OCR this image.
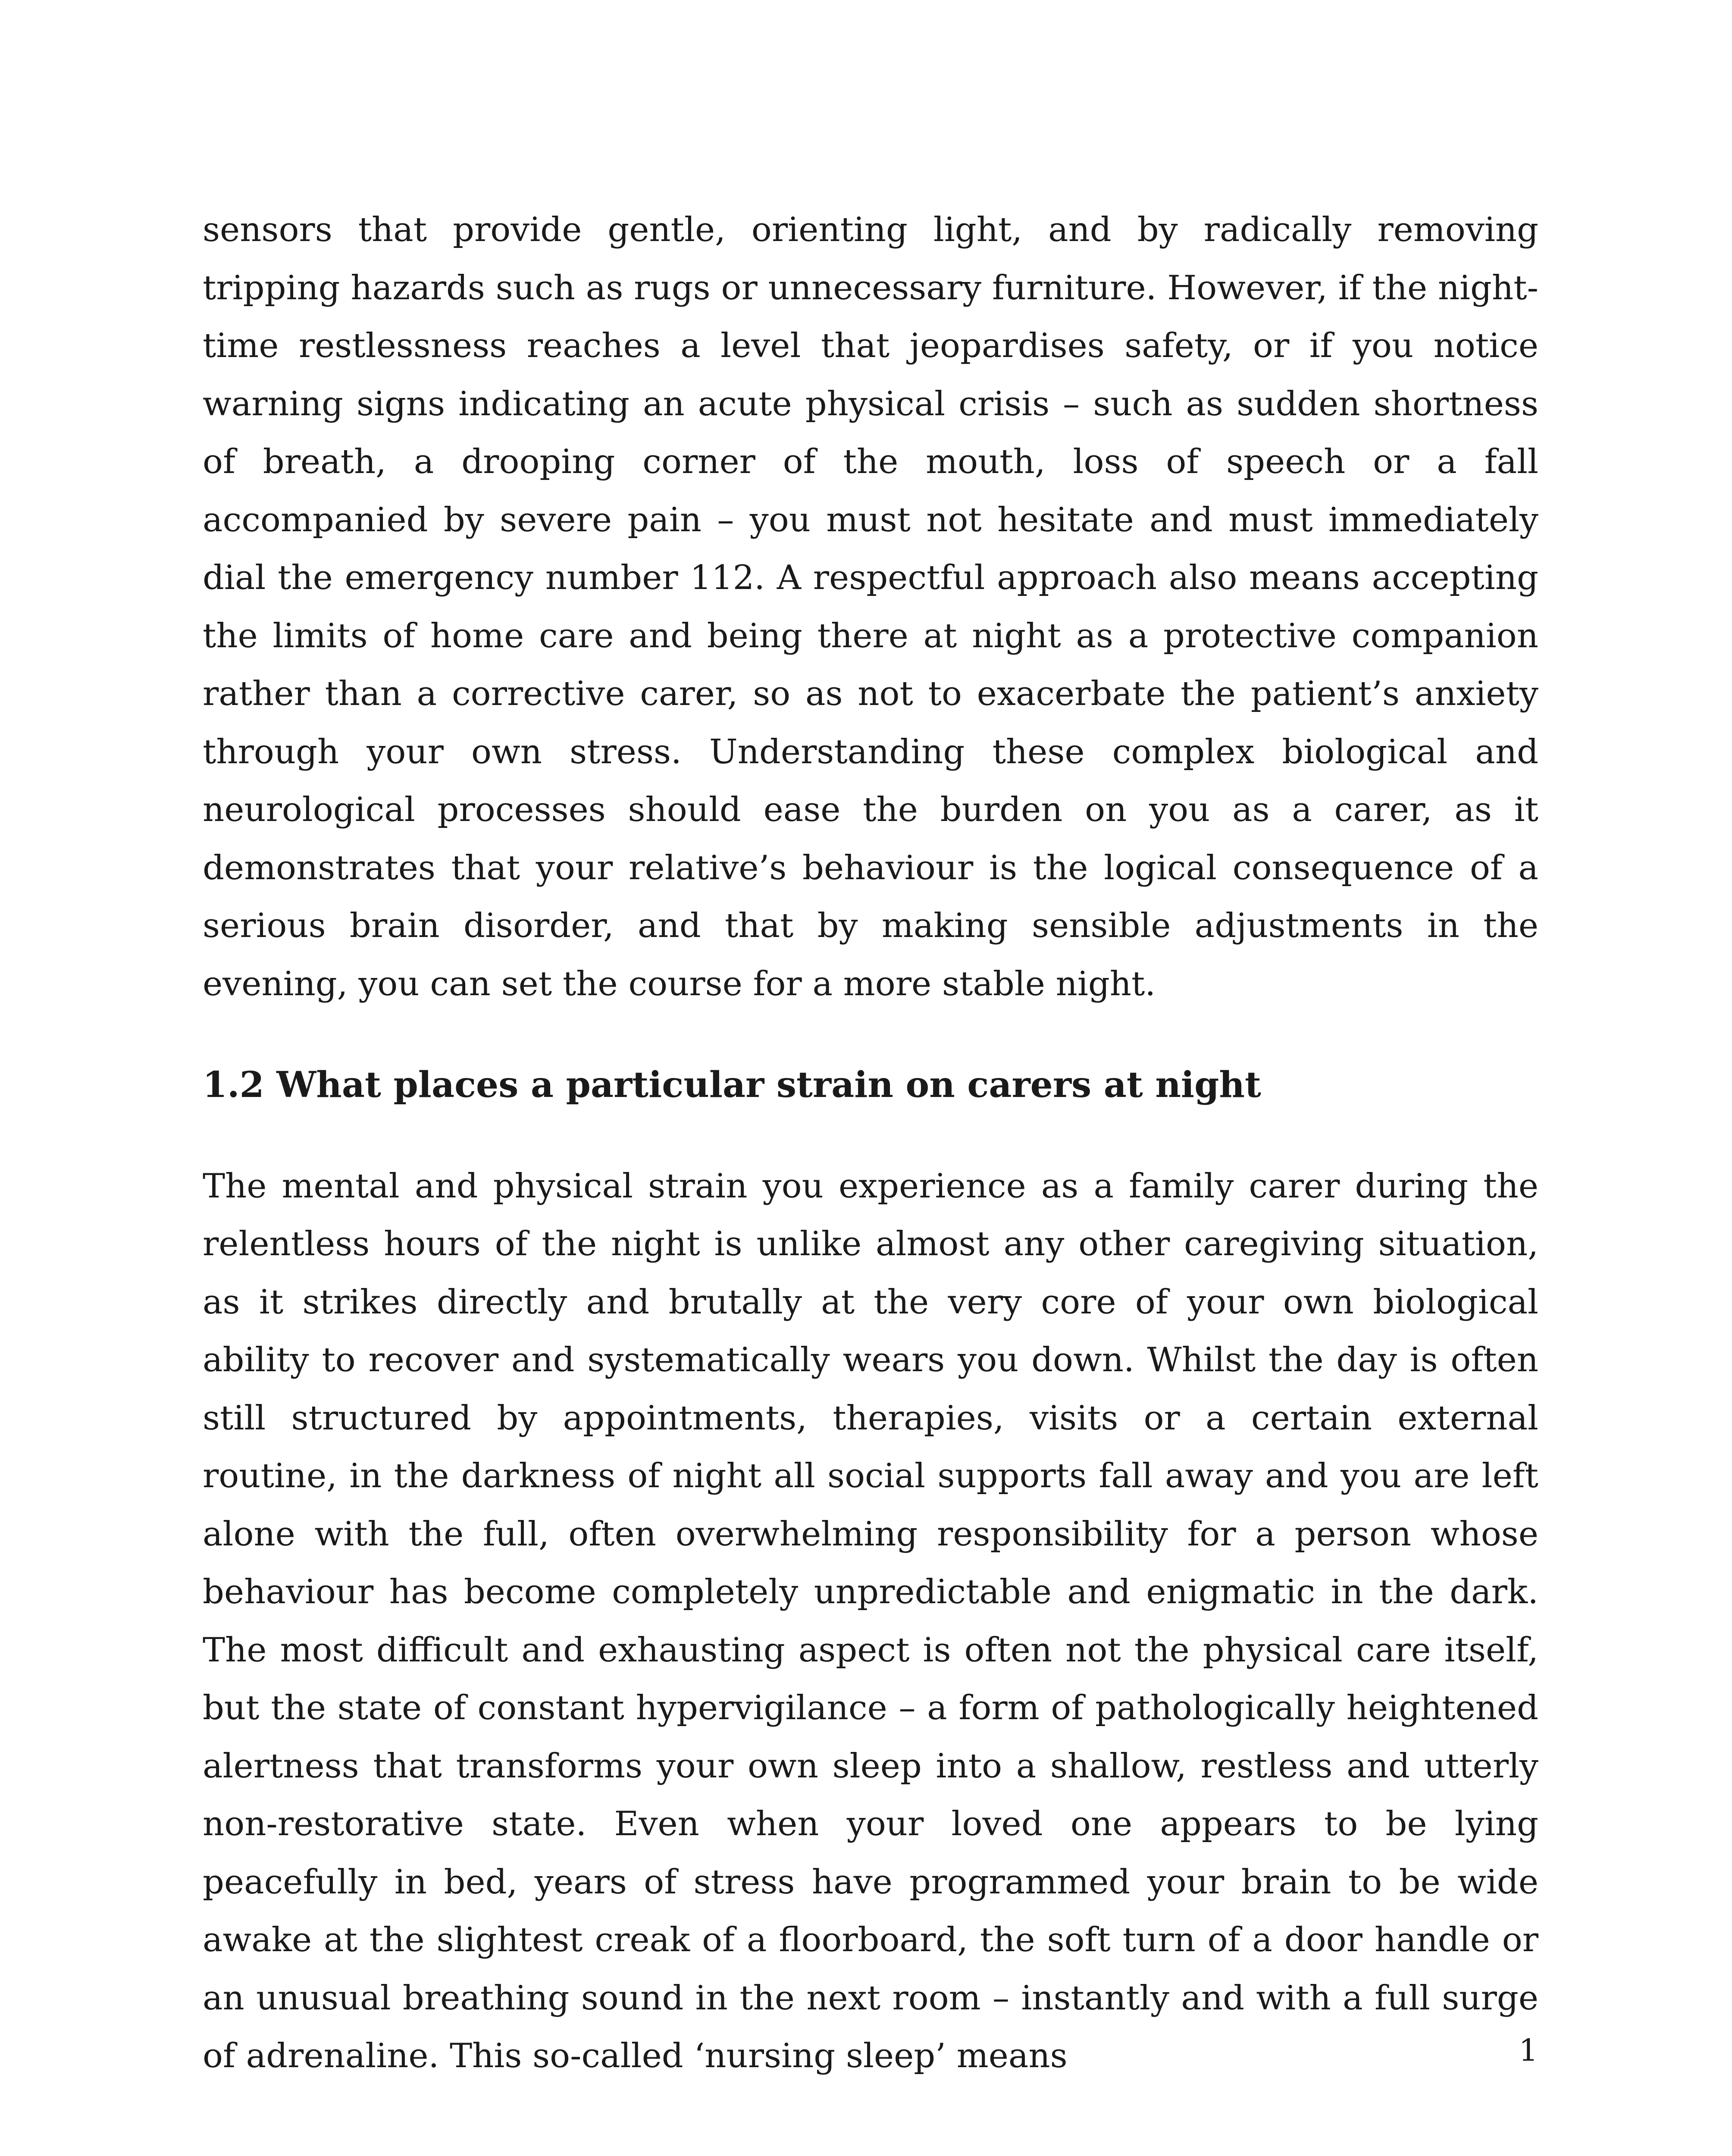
sensors that provide gentle, orienting light, and by radically removing tripping hazards such as rugs or unnecessary furniture. However, if the night-time restlessness reaches a level that jeopardises safety, or if you notice warning signs indicating an acute physical crisis – such as sudden shortness of breath, a drooping corner of the mouth, loss of speech or a fall accompanied by severe pain – you must not hesitate and must immediately dial the emergency number 112. A respectful approach also means accepting the limits of home care and being there at night as a protective companion rather than a corrective carer, so as not to exacerbate the patient’s anxiety through your own stress. Understanding these complex biological and neurological processes should ease the burden on you as a carer, as it demonstrates that your relative’s behaviour is the logical consequence of a serious brain disorder, and that by making sensible adjustments in the evening, you can set the course for a more stable night.

1.2 What places a particular strain on carers at night

The mental and physical strain you experience as a family carer during the relentless hours of the night is unlike almost any other caregiving situation, as it strikes directly and brutally at the very core of your own biological ability to recover and systematically wears you down. Whilst the day is often still structured by appointments, therapies, visits or a certain external routine, in the darkness of night all social supports fall away and you are left alone with the full, often overwhelming responsibility for a person whose behaviour has become completely unpredictable and enigmatic in the dark. The most difficult and exhausting aspect is often not the physical care itself, but the state of constant hypervigilance – a form of pathologically heightened alertness that transforms your own sleep into a shallow, restless and utterly non-restorative state. Even when your loved one appears to be lying peacefully in bed, years of stress have programmed your brain to be wide awake at the slightest creak of a floorboard, the soft turn of a door handle or an unusual breathing sound in the next room – instantly and with a full surge of adrenaline. This so-called ‘nursing sleep’ means	1
